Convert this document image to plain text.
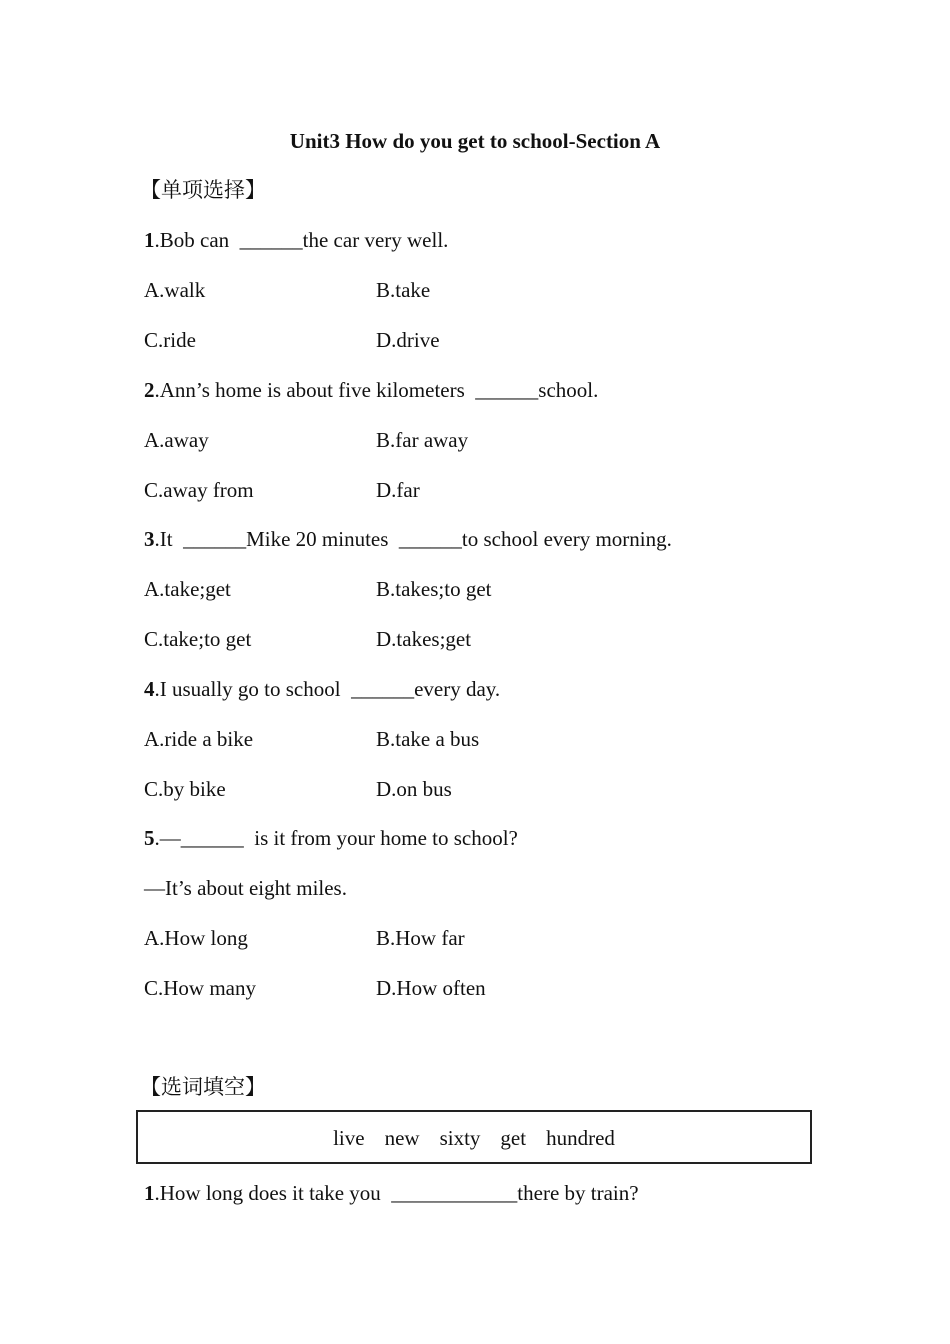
Unit3 How do you get to school-Section A
【单项选择】
1.Bob can  ______the car very well.
A.walk	B.take
C.ride	D.drive
2.Ann’s home is about five kilometers  ______school.
A.away	B.far away
C.away from	D.far
3.It  ______Mike 20 minutes  ______to school every morning.
A.take;get	B.takes;to get
C.take;to get	D.takes;get
4.I usually go to school  ______every day.
A.ride a bike	B.take a bus
C.by bike	D.on bus
5.—______  is it from your home to school?
—It’s about eight miles.
A.How long	B.How far
C.How many	D.How often
【选词填空】
live new sixty get hundred
1.How long does it take you  ____________there by train?
